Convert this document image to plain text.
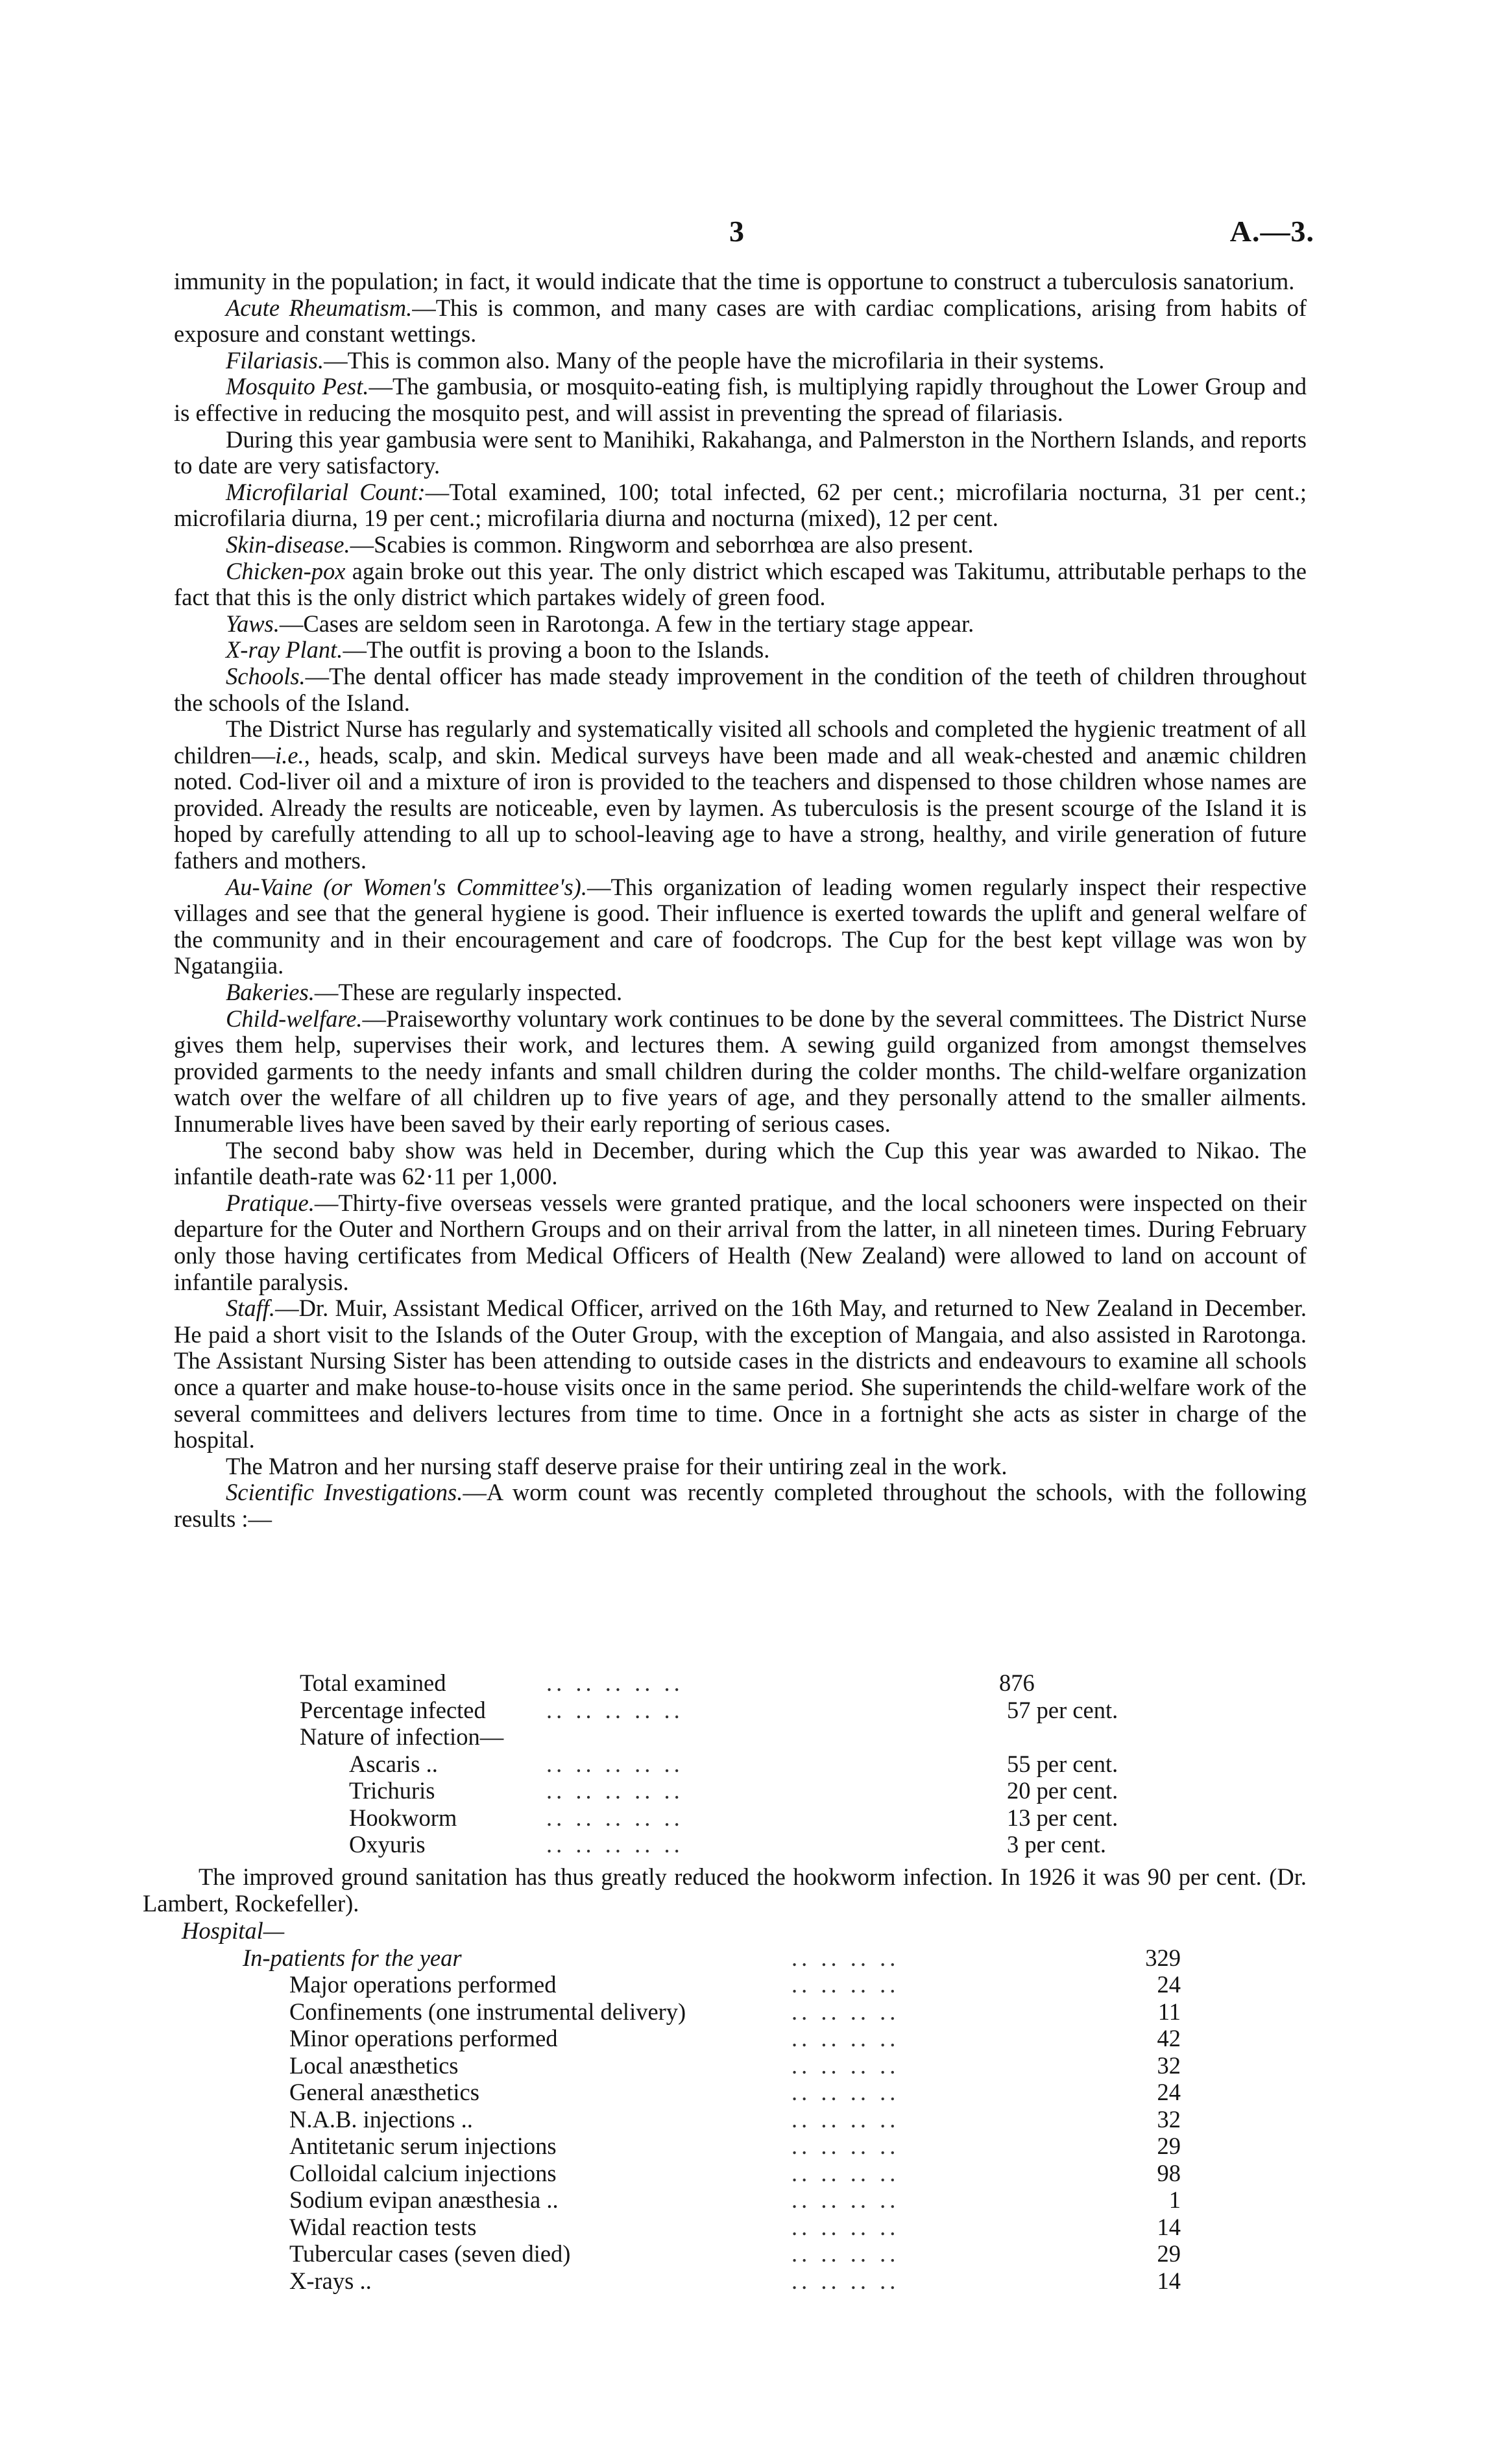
3	A.—3.

immunity in the population; in fact, it would indicate that the time is opportune to construct a tuberculosis sanatorium.

Acute Rheumatism.—This is common, and many cases are with cardiac complications, arising from habits of exposure and constant wettings.

Filariasis.—This is common also. Many of the people have the microfilaria in their systems.

Mosquito Pest.—The gambusia, or mosquito-eating fish, is multiplying rapidly throughout the Lower Group and is effective in reducing the mosquito pest, and will assist in preventing the spread of filariasis.

During this year gambusia were sent to Manihiki, Rakahanga, and Palmerston in the Northern Islands, and reports to date are very satisfactory.

Microfilarial Count:—Total examined, 100; total infected, 62 per cent.; microfilaria nocturna, 31 per cent.; microfilaria diurna, 19 per cent.; microfilaria diurna and nocturna (mixed), 12 per cent.

Skin-disease.—Scabies is common. Ringworm and seborrhœa are also present.

Chicken-pox again broke out this year. The only district which escaped was Takitumu, attributable perhaps to the fact that this is the only district which partakes widely of green food.

Yaws.—Cases are seldom seen in Rarotonga. A few in the tertiary stage appear.

X-ray Plant.—The outfit is proving a boon to the Islands.

Schools.—The dental officer has made steady improvement in the condition of the teeth of children throughout the schools of the Island.

The District Nurse has regularly and systematically visited all schools and completed the hygienic treatment of all children—i.e., heads, scalp, and skin. Medical surveys have been made and all weak-chested and anæmic children noted. Cod-liver oil and a mixture of iron is provided to the teachers and dispensed to those children whose names are provided. Already the results are noticeable, even by laymen. As tuberculosis is the present scourge of the Island it is hoped by carefully attending to all up to school-leaving age to have a strong, healthy, and virile generation of future fathers and mothers.

Au-Vaine (or Women's Committee's).—This organization of leading women regularly inspect their respective villages and see that the general hygiene is good. Their influence is exerted towards the uplift and general welfare of the community and in their encouragement and care of foodcrops. The Cup for the best kept village was won by Ngatangiia.

Bakeries.—These are regularly inspected.

Child-welfare.—Praiseworthy voluntary work continues to be done by the several committees. The District Nurse gives them help, supervises their work, and lectures them. A sewing guild organized from amongst themselves provided garments to the needy infants and small children during the colder months. The child-welfare organization watch over the welfare of all children up to five years of age, and they personally attend to the smaller ailments. Innumerable lives have been saved by their early reporting of serious cases.

The second baby show was held in December, during which the Cup this year was awarded to Nikao. The infantile death-rate was 62·11 per 1,000.

Pratique.—Thirty-five overseas vessels were granted pratique, and the local schooners were inspected on their departure for the Outer and Northern Groups and on their arrival from the latter, in all nineteen times. During February only those having certificates from Medical Officers of Health (New Zealand) were allowed to land on account of infantile paralysis.

Staff.—Dr. Muir, Assistant Medical Officer, arrived on the 16th May, and returned to New Zealand in December. He paid a short visit to the Islands of the Outer Group, with the exception of Mangaia, and also assisted in Rarotonga. The Assistant Nursing Sister has been attending to outside cases in the districts and endeavours to examine all schools once a quarter and make house-to-house visits once in the same period. She superintends the child-welfare work of the several committees and delivers lectures from time to time. Once in a fortnight she acts as sister in charge of the hospital.

The Matron and her nursing staff deserve praise for their untiring zeal in the work.

Scientific Investigations.—A worm count was recently completed throughout the schools, with the following results :—

Total examined	.. .. .. .. ..	876
Percentage infected	.. .. .. .. ..	57 per cent.
Nature of infection—
Ascaris ..	.. .. .. .. ..	55 per cent.
Trichuris	.. .. .. .. ..	20 per cent.
Hookworm	.. .. .. .. ..	13 per cent.
Oxyuris	.. .. .. .. ..	3 per cent.

The improved ground sanitation has thus greatly reduced the hookworm infection. In 1926 it was 90 per cent. (Dr. Lambert, Rockefeller).

Hospital—
In-patients for the year	.. .. .. ..	329
Major operations performed	.. .. .. ..	24
Confinements (one instrumental delivery)	.. .. .. ..	11
Minor operations performed	.. .. .. ..	42
Local anæsthetics	.. .. .. ..	32
General anæsthetics	.. .. .. ..	24
N.A.B. injections ..	.. .. .. ..	32
Antitetanic serum injections	.. .. .. ..	29
Colloidal calcium injections	.. .. .. ..	98
Sodium evipan anæsthesia ..	.. .. .. ..	1
Widal reaction tests	.. .. .. ..	14
Tubercular cases (seven died)	.. .. .. ..	29
X-rays ..	.. .. .. ..	14
